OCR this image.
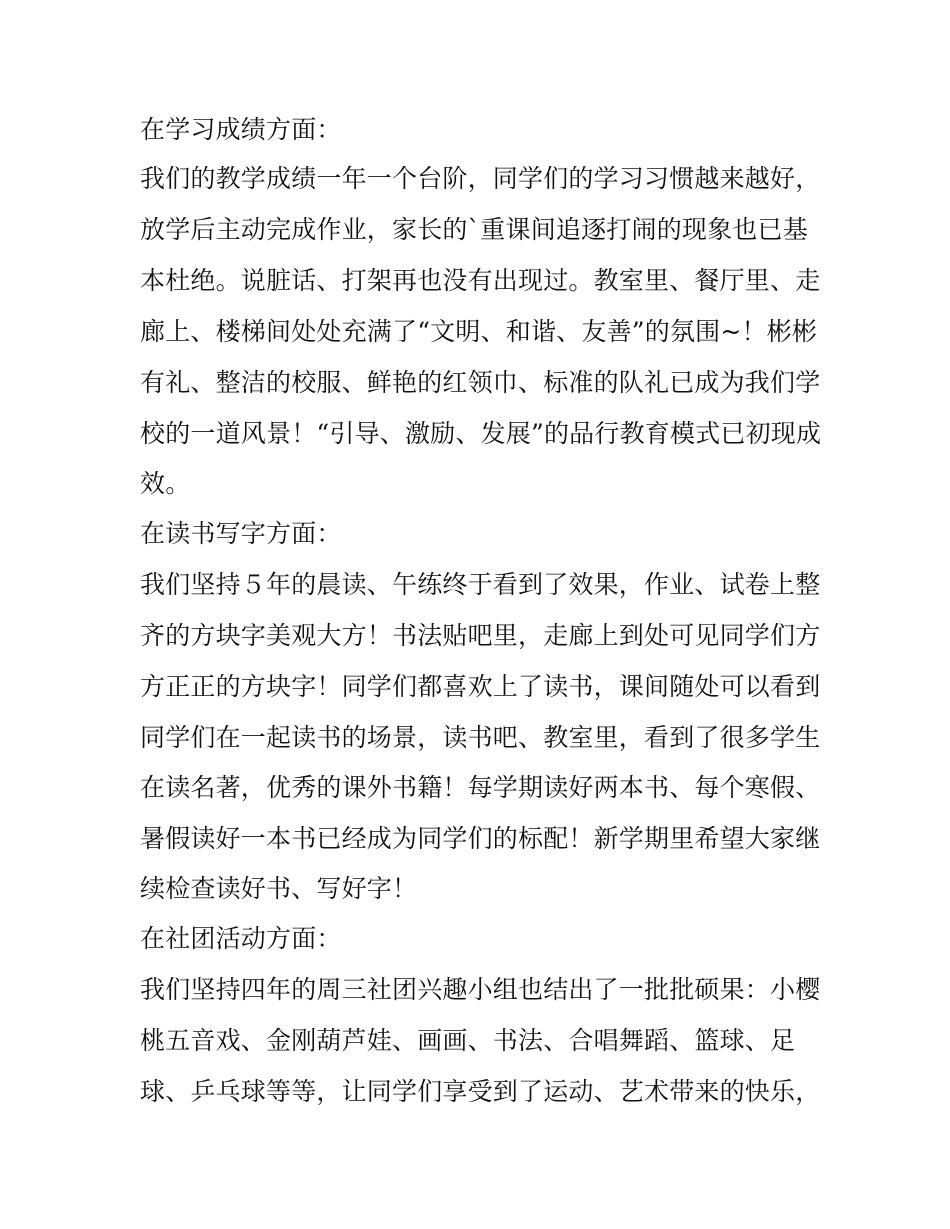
在学习成绩方面：
我们的教学成绩一年一个台阶，同学们的学习习惯越来越好，
放学后主动完成作业，家长的`重课间追逐打闹的现象也已基
本杜绝。说脏话、打架再也没有出现过。教室里、餐厅里、走
廊上、楼梯间处处充满了“文明、和谐、友善”的氛围~！彬彬
有礼、整洁的校服、鲜艳的红领巾、标准的队礼已成为我们学
校的一道风景！“引导、激励、发展”的品行教育模式已初现成
效。
在读书写字方面：
我们坚持５年的晨读、午练终于看到了效果，作业、试卷上整
齐的方块字美观大方！书法贴吧里，走廊上到处可见同学们方
方正正的方块字！同学们都喜欢上了读书，课间随处可以看到
同学们在一起读书的场景，读书吧、教室里，看到了很多学生
在读名著，优秀的课外书籍！每学期读好两本书、每个寒假、
暑假读好一本书已经成为同学们的标配！新学期里希望大家继
续检查读好书、写好字！
在社团活动方面：
我们坚持四年的周三社团兴趣小组也结出了一批批硕果：小樱
桃五音戏、金刚葫芦娃、画画、书法、合唱舞蹈、篮球、足
球、乒乓球等等，让同学们享受到了运动、艺术带来的快乐，
